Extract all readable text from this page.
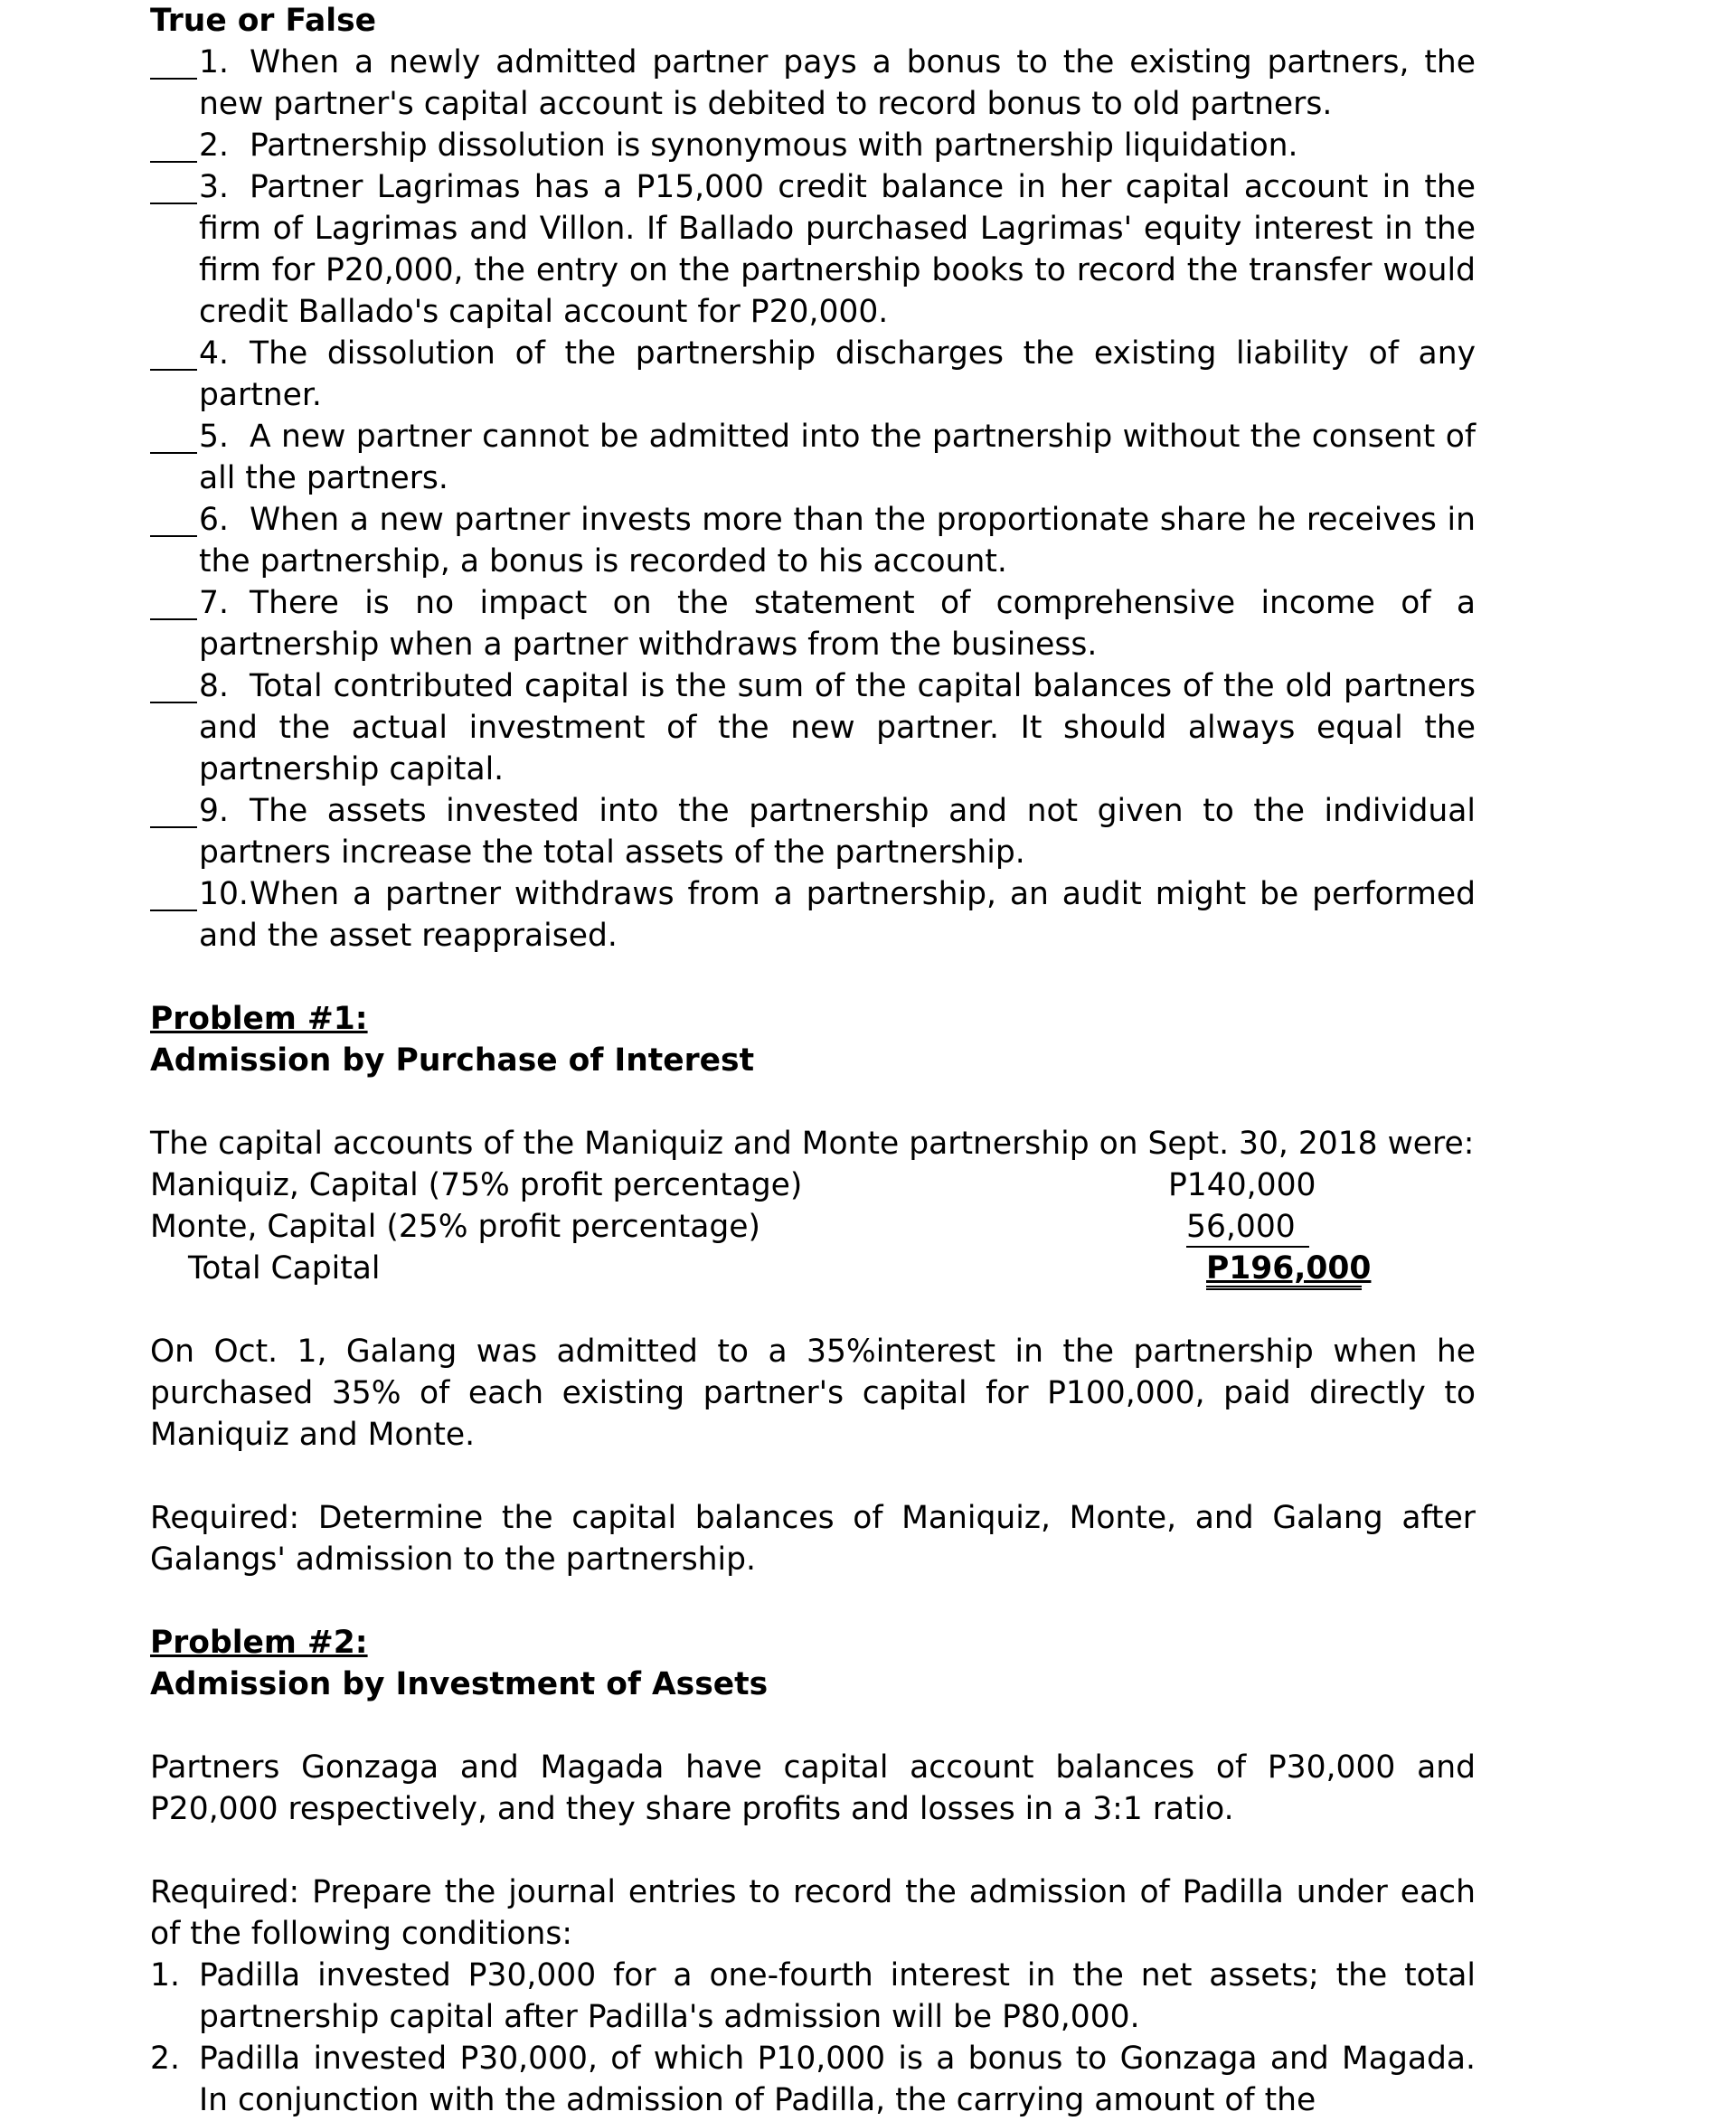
True or False

1. When a newly admitted partner pays a bonus to the existing partners, the new partner's capital account is debited to record bonus to old partners.
2. Partnership dissolution is synonymous with partnership liquidation.
3. Partner Lagrimas has a P15,000 credit balance in her capital account in the firm of Lagrimas and Villon. If Ballado purchased Lagrimas' equity interest in the firm for P20,000, the entry on the partnership books to record the transfer would credit Ballado's capital account for P20,000.
4. The dissolution of the partnership discharges the existing liability of any partner.
5. A new partner cannot be admitted into the partnership without the consent of all the partners.
6. When a new partner invests more than the proportionate share he receives in the partnership, a bonus is recorded to his account.
7. There is no impact on the statement of comprehensive income of a partnership when a partner withdraws from the business.
8. Total contributed capital is the sum of the capital balances of the old partners and the actual investment of the new partner. It should always equal the partnership capital.
9. The assets invested into the partnership and not given to the individual partners increase the total assets of the partnership.
10.When a partner withdraws from a partnership, an audit might be performed and the asset reappraised.

Problem #1:

Admission by Purchase of Interest

The capital accounts of the Maniquiz and Monte partnership on Sept. 30, 2018 were:

Maniquiz, Capital (75% profit percentage)	P140,000
Monte, Capital (25% profit percentage)	56,000
Total Capital	P196,000

On Oct. 1, Galang was admitted to a 35%interest in the partnership when he purchased 35% of each existing partner's capital for P100,000, paid directly to Maniquiz and Monte.

Required: Determine the capital balances of Maniquiz, Monte, and Galang after Galangs' admission to the partnership.

Problem #2:

Admission by Investment of Assets

Partners Gonzaga and Magada have capital account balances of P30,000 and P20,000 respectively, and they share profits and losses in a 3:1 ratio.

Required: Prepare the journal entries to record the admission of Padilla under each of the following conditions:

1. Padilla invested P30,000 for a one-fourth interest in the net assets; the total partnership capital after Padilla's admission will be P80,000.
2. Padilla invested P30,000, of which P10,000 is a bonus to Gonzaga and Magada. In conjunction with the admission of Padilla, the carrying amount of the
